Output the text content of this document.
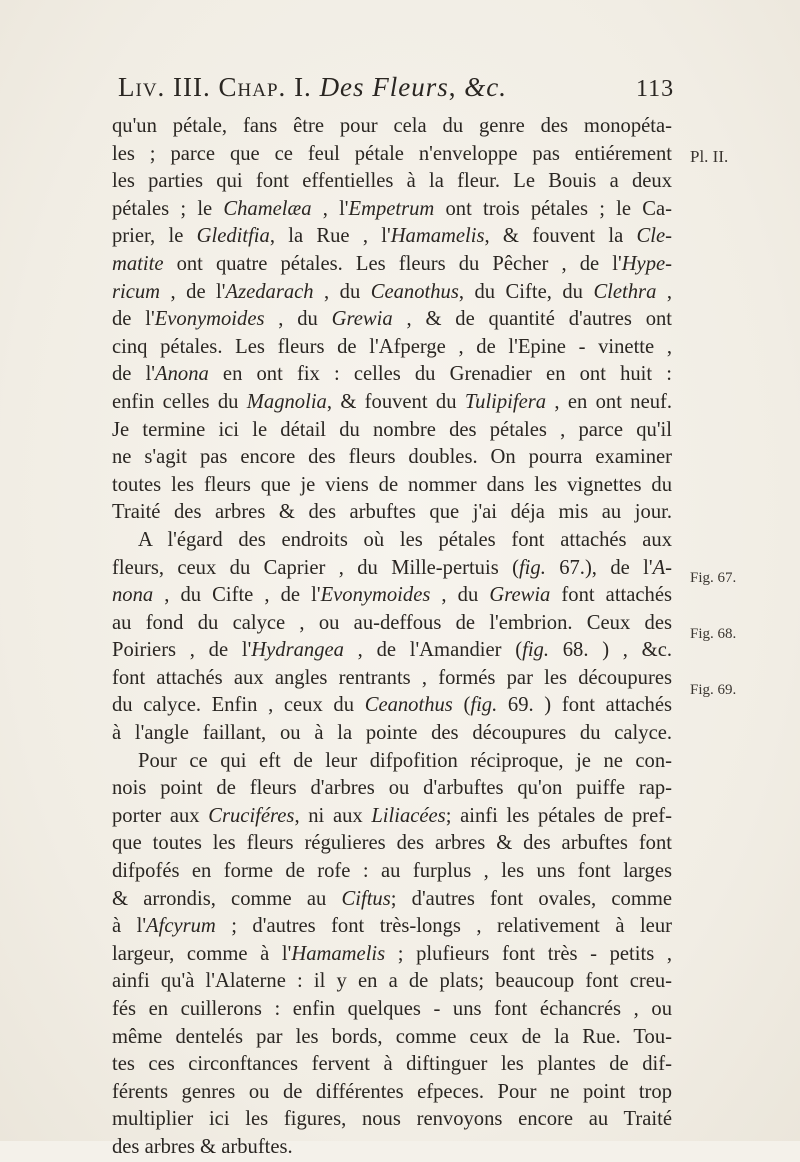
Liv. III. Chap. I. Des Fleurs, &c.	113
qu'un pétale, fans être pour cela du genre des monopéta-
les ; parce que ce feul pétale n'enveloppe pas entiérement
les parties qui font effentielles à la fleur. Le Bouis a deux
pétales ; le Chamelæa , l'Empetrum ont trois pétales ; le Ca-
prier, le Gleditfia, la Rue , l'Hamamelis, & fouvent la Cle-
matite ont quatre pétales. Les fleurs du Pêcher , de l'Hype-
ricum , de l'Azedarach , du Ceanothus, du Cifte, du Clethra ,
de l'Evonymoides , du Grewia , & de quantité d'autres ont
cinq pétales. Les fleurs de l'Afperge , de l'Epine - vinette ,
de l'Anona en ont fix : celles du Grenadier en ont huit :
enfin celles du Magnolia, & fouvent du Tulipifera , en ont neuf.
Je termine ici le détail du nombre des pétales , parce qu'il
ne s'agit pas encore des fleurs doubles. On pourra examiner
toutes les fleurs que je viens de nommer dans les vignettes du
Traité des arbres & des arbuftes que j'ai déja mis au jour.
A l'égard des endroits où les pétales font attachés aux
fleurs, ceux du Caprier , du Mille-pertuis (fig. 67.), de l'A-
nona , du Cifte , de l'Evonymoides , du Grewia font attachés
au fond du calyce , ou au-deffous de l'embrion. Ceux des
Poiriers , de l'Hydrangea , de l'Amandier (fig. 68. ) , &c.
font attachés aux angles rentrants , formés par les découpures
du calyce. Enfin , ceux du Ceanothus (fig. 69. ) font attachés
à l'angle faillant, ou à la pointe des découpures du calyce.
Pour ce qui eft de leur difpofition réciproque, je ne con-
nois point de fleurs d'arbres ou d'arbuftes qu'on puiffe rap-
porter aux Cruciféres, ni aux Liliacées; ainfi les pétales de pref-
que toutes les fleurs régulieres des arbres & des arbuftes font
difpofés en forme de rofe : au furplus , les uns font larges
& arrondis, comme au Ciftus; d'autres font ovales, comme
à l'Afcyrum ; d'autres font très-longs , relativement à leur
largeur, comme à l'Hamamelis ; plufieurs font très - petits ,
ainfi qu'à l'Alaterne : il y en a de plats; beaucoup font creu-
fés en cuillerons : enfin quelques - uns font échancrés , ou
même dentelés par les bords, comme ceux de la Rue. Tou-
tes ces circonftances fervent à diftinguer les plantes de dif-
férents genres ou de différentes efpeces. Pour ne point trop
multiplier ici les figures, nous renvoyons encore au Traité
des arbres & arbuftes.
Pl. II.
Fig. 67.
Fig. 68.
Fig. 69.
